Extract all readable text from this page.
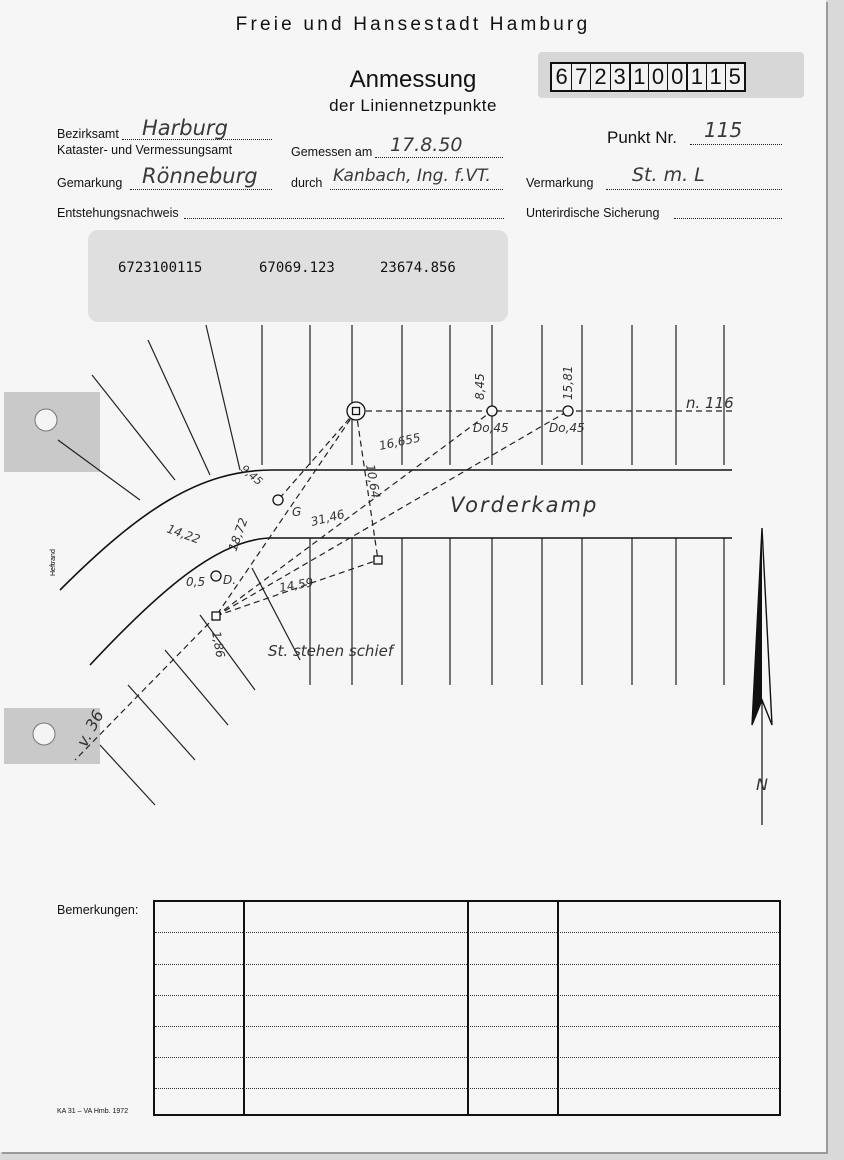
Freie und Hansestadt Hamburg
Anmessung
der Liniennetzpunkte
6 7 2 3 1 0 0 1 1 5
Bezirksamt Harburg
Kataster- und Vermessungsamt	Gemessen am 17.8.50	Punkt Nr. 115
Gemarkung Rönneburg	durch Kanbach, Ing. f.VT.	Vermarkung St. m. L
Entstehungsnachweis	Unterirdische Sicherung
6723100115	67069.123	23674.856
Vorderkamp
St. stehen schief
n. 116
v. 36
Heftrand
N
8,45	15,81
Do,45	Do,45
16,655
10,64
9,45
G
18,72	31,46
14,22
0,5 D.	14,59
1,86
Bemerkungen:
KA 31 – VA Hmb. 1972
